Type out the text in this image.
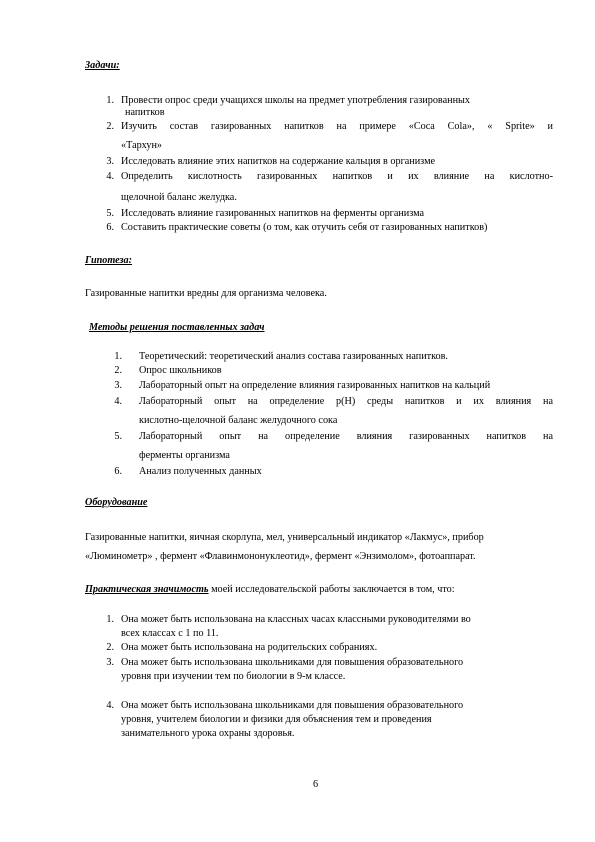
Задачи:
1. Провести опрос среди учащихся школы на предмет употребления газированных
напитков
2. Изучить состав газированных напитков на примере «Coca Cola», « Sprite» и
«Тархун»
3. Исследовать влияние этих напитков на содержание кальция в организме
4. Определить кислотность газированных напитков и их влияние на кислотно-
щелочной баланс желудка.
5. Исследовать влияние газированных напитков на ферменты организма
6. Составить практические советы (о том, как отучить себя от газированных напитков)
Гипотеза:
Газированные напитки вредны для организма человека.
Методы решения поставленных задач
1. Теоретический: теоретический анализ состава газированных напитков.
2. Опрос школьников
3. Лабораторный опыт на определение влияния газированных напитков на кальций
4. Лабораторный опыт на определение р(Н) среды напитков и их влияния на
кислотно-щелочной баланс желудочного сока
5. Лабораторный опыт на определение влияния газированных напитков на
ферменты организма
6. Анализ полученных данных
Оборудование
Газированные напитки, яичная скорлупа, мел, универсальный индикатор «Лакмус», прибор
«Люминометр» , фермент «Флавинмононуклеотид», фермент «Энзимолом», фотоаппарат.
Практическая значимость моей исследовательской работы заключается в том, что:
1. Она может быть использована на классных часах классными руководителями во
всех классах с 1 по 11.
2. Она может быть использована на родительских собраниях.
3. Она может быть использована школьниками для повышения образовательного
уровня при изучении тем по биологии в 9-м классе.
4. Она может быть использована школьниками для повышения образовательного
уровня, учителем биологии и физики для объяснения тем и проведения
занимательного урока охраны здоровья.
6
